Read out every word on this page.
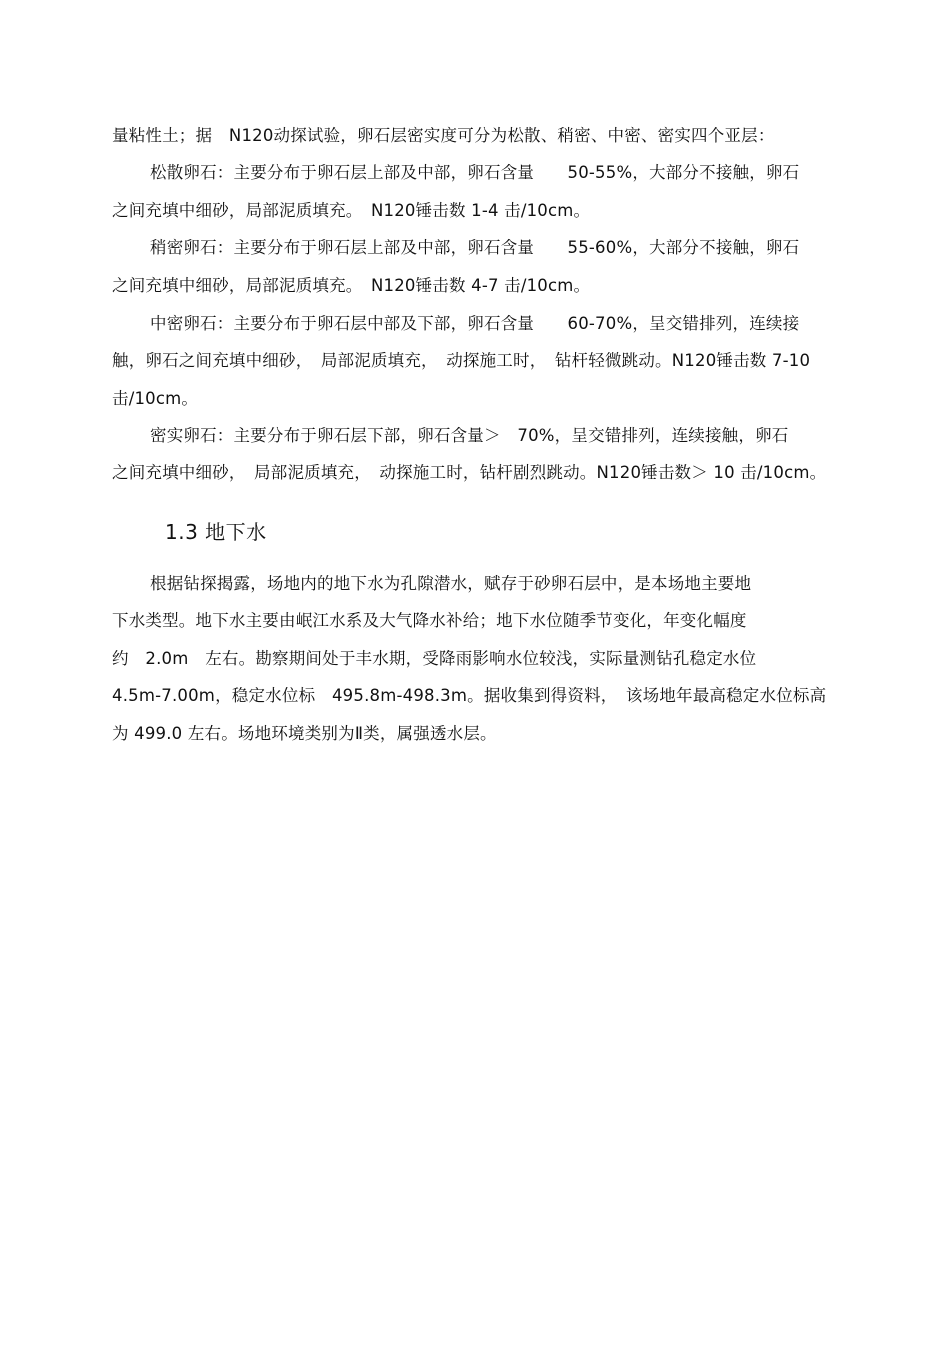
量粘性土；据　N120动探试验，卵石层密实度可分为松散、稍密、中密、密实四个亚层：
松散卵石：主要分布于卵石层上部及中部，卵石含量　　50-55%，大部分不接触，卵石
之间充填中细砂，局部泥质填充。　N120锤击数 1-4 击/10cm。
稍密卵石：主要分布于卵石层上部及中部，卵石含量　　55-60%，大部分不接触，卵石
之间充填中细砂，局部泥质填充。　N120锤击数 4-7 击/10cm。
中密卵石：主要分布于卵石层中部及下部，卵石含量　　60-70%，呈交错排列，连续接
触，卵石之间充填中细砂，　局部泥质填充，　动探施工时，　钻杆轻微跳动。N120锤击数 7-10
击/10cm。
密实卵石：主要分布于卵石层下部，卵石含量＞　70%，呈交错排列，连续接触，卵石
之间充填中细砂，　局部泥质填充，　动探施工时，钻杆剧烈跳动。N120锤击数＞ 10 击/10cm。
1.3 地下水
根据钻探揭露，场地内的地下水为孔隙潜水，赋存于砂卵石层中，是本场地主要地
下水类型。地下水主要由岷江水系及大气降水补给；地下水位随季节变化，年变化幅度
约　2.0m　左右。勘察期间处于丰水期，受降雨影响水位较浅，实际量测钻孔稳定水位
4.5m-7.00m，稳定水位标　495.8m-498.3m。据收集到得资料，　该场地年最高稳定水位标高
为 499.0 左右。场地环境类别为Ⅱ类，属强透水层。
